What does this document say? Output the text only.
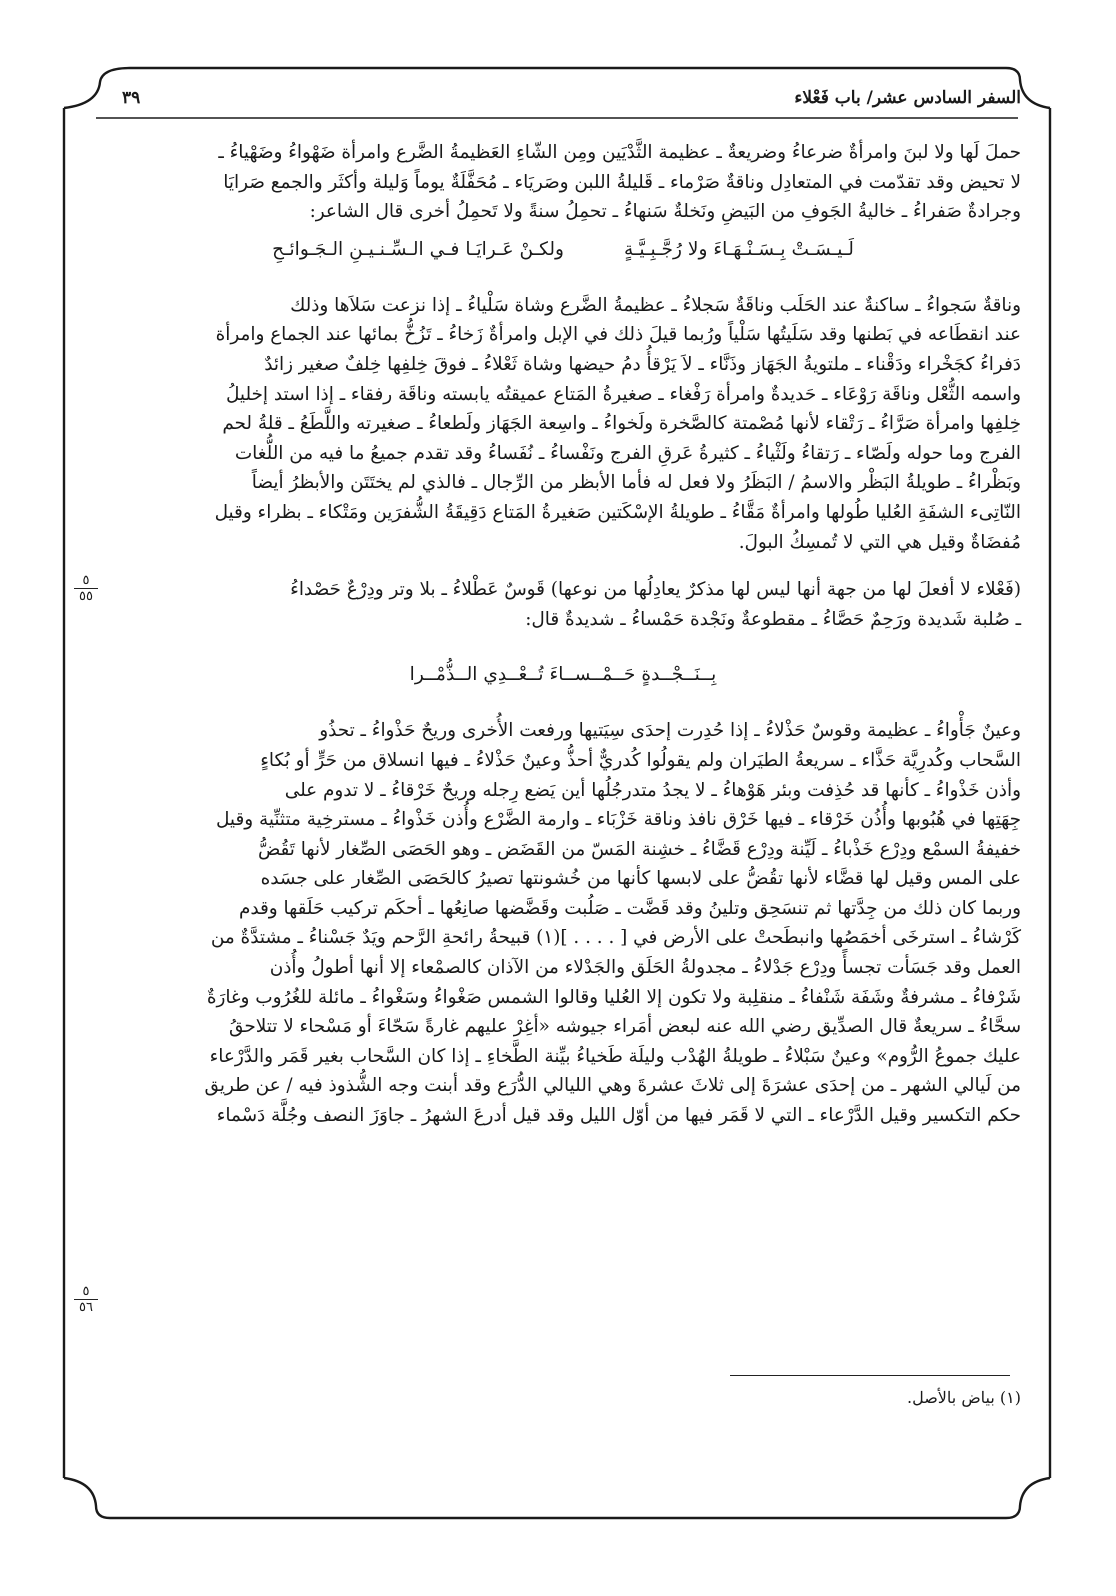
السفر السادس عشر/ باب فَعْلاء
٣٩
حملَ لَها ولا لبنَ وامرأةٌ ضرعاءُ وضريعةٌ ـ عظيمة الثَّدْيَين ومِن الشّاءِ العَظيمةُ الضَّرع وامرأة ضَهْواءُ وضَهْياءُ ـ
لا تحيض وقد تقدّمت في المتعادِل وناقةٌ صَرْماء ـ قَليلةُ اللبن وصَريَاء ـ مُحَفَّلَةٌ يوماً وَليلة وأكثَر والجمع صَرايَا
وجرادةٌ صَفراءُ ـ خاليةُ الجَوفِ من البَيضِ ونَخلةٌ سَنهاءُ ـ تحمِلُ سنةً ولا تَحمِلُ أخرى قال الشاعر:
لَـيـسَـتْ بِـسَـنْـهَـاءَ ولا رُجَّـبِـيَّـةٍ
ولكـنْ عَـرايَـا فـي الـسِّـنـيـنِ الـجَـوائـحِ
وناقةٌ سَجواءُ ـ ساكنةٌ عند الحَلَب وناقَةٌ سَجلاءُ ـ عظيمةُ الضَّرع وشاة سَلْياءُ ـ إذا نزعت سَلاَها وذلك
عند انقطَاعه في بَطنها وقد سَلَيتُها سَلْياً ورُبما قيلَ ذلك في الإبل وامرأةٌ زَخاءُ ـ تَزُخُّ بمائها عند الجماع وامرأة
دَفراءُ كجَخْراء ودَقْناء ـ ملتويةُ الجَهَاز وذَنَّاء ـ لاَ يَرْقأُ دمُ حيضها وشاة ثَعْلاءُ ـ فوقَ خِلفِها خِلفٌ صغير زائدٌ
واسمه الثُّعْل وناقَة رَوْعَاء ـ حَديدةٌ وامرأة رَفْغاء ـ صغيرةُ المَتاع عميقتُه يابسته وناقَة رفقاء ـ إذا استد إخليلُ
خِلفِها وامرأة صَرَّاءُ ـ رَتْقاء لأنها مُصْمتة كالصَّخرة ولَخواءُ ـ واسِعة الجَهَاز ولَطعاءُ ـ صغيرته واللَّطَعُ ـ قلةُ لحم
الفرج وما حوله ولَصّاء ـ رَتقاءُ ولَثْياءُ ـ كثيرةُ عَرقِ الفرج ونَفْساءُ ـ نُفَساءُ وقد تقدم جميعُ ما فيه من اللُّغات
وبَظْراءُ ـ طويلةُ البَظْر والاسمُ / البَظَرُ ولا فعل له فأما الأبظر من الرِّجال ـ فالذي لم يختَتَن والأبظرُ أيضاً
النّاتِىء الشفَةِ العُليا طُولها وامرأةٌ مَقَّاءُ ـ طويلةُ الإسْكَتين صَغيرةُ المَتاع دَقِيقَةُ الشُّفرَين ومَتْكاء ـ بظراء وقيل
مُفضَاةٌ وقيل هي التي لا تُمسِكُ البولَ.
(فَعْلاء لا أفعلَ لها من جهة أنها ليس لها مذكرٌ يعادِلُها من نوعها) قَوسٌ عَطْلاءُ ـ بلا وتر ودِرْعٌ حَصْداءُ
ـ صُلبة شَديدة ورَحِمٌ حَصَّاءُ ـ مقطوعةٌ ونَجْدة حَمْساءُ ـ شديدةٌ قال:
بِــنَــجْــدةٍ حَــمْــســاءَ تُــعْــدِي الــذُّمْــرا
وعينٌ جَأْواءُ ـ عظيمة وقوسٌ حَذْلاءُ ـ إذا حُدِرت إحدَى سِيَتيها ورفعت الأُخرى وريحٌ حَذْواءُ ـ تحذُو
السَّحاب وكُدرِيَّة حَذَّاء ـ سريعةُ الطيَران ولم يقولُوا كُدريٌّ أحذُّ وعينٌ حَذْلاءُ ـ فيها انسلاق من حَرٍّ أو بُكاءٍ
وأذن خَذْواءُ ـ كأنها قد حُذِفت وبئر هَوْهاءُ ـ لا يجدُ متدرجُلُها أين يَضع رِجله وريحٌ خَرْقاءُ ـ لا تدوم على
جِهَتِها في هُبُوبها وأُذُن خَرْقاء ـ فيها خَرْق نافذ وناقة خَزْبَاء ـ وارمة الضَّرْع وأُذن خَذْواءُ ـ مسترخِية متثنِّية وقيل
خفيفةُ السمْع ودِرْع خَذْباءُ ـ لَيِّنة ودِرْع قَضَّاءُ ـ خشِنة المَسّ من القَضَض ـ وهو الحَصَى الصِّغار لأنها تَقُضُّ
على المس وقيل لها قضَّاء لأنها تقُضُّ على لابسها كأنها من خُشونتها تصيرُ كالحَصَى الصِّغار على جسَده
وربما كان ذلك من جِدَّتها ثم تنسَحِق وتلينُ وقد قَضَّت ـ صَلُبت وقَضَّضها صانِعُها ـ أحكَم تركيب حَلَقها وقدم
كَرْشاءُ ـ استرخَى أخمَصُها وانبطَحتْ على الأرض في [ . . . . ](١) قبيحةُ رائحةِ الرَّحم ويَدٌ جَسْناءُ ـ مشتدَّةٌ من
العمل وقد جَسَأت تجسأً ودِرْع جَدْلاءُ ـ مجدولةُ الحَلَق والجَدْلاء من الآذان كالصمْعاء إلا أنها أطولُ وأُذن
شَرْفاءُ ـ مشرفةٌ وشَفَة شَنْفاءُ ـ منقلِبة ولا تكون إلا العُليا وقالوا الشمس صَغْواءُ وسَغْواءُ ـ مائلة للغُرُوب وغارَةٌ
سحَّاءُ ـ سريعةٌ قال الصدِّيق رضي الله عنه لبعض أمَراء جيوشه «أغِرْ عليهم غارةً سَحّاءَ أو مَسْحاء لا تتلاحقُ
عليك جموعُ الرُّوم» وعينٌ سَبْلاءُ ـ طويلةُ الهُدْب وليلَة طَخياءُ بيِّنة الطَّخاءِ ـ إذا كان السَّحاب بغير قَمَر والدَّرْعاء
من لَيالي الشهر ـ من إحدَى عشرَةَ إلى ثلاثَ عشرةَ وهي الليالي الدُّرَع وقد أبنت وجه الشُّذوذ فيه / عن طريق
حكم التكسير وقيل الدَّرْعاء ـ التي لا قَمَر فيها من أوّل الليل وقد قيل أدرعَ الشهرُ ـ جاوَزَ النصف وجُلَّة دَسْماء
٥
٥٥
٥
٥٦
(١) بياض بالأصل.
